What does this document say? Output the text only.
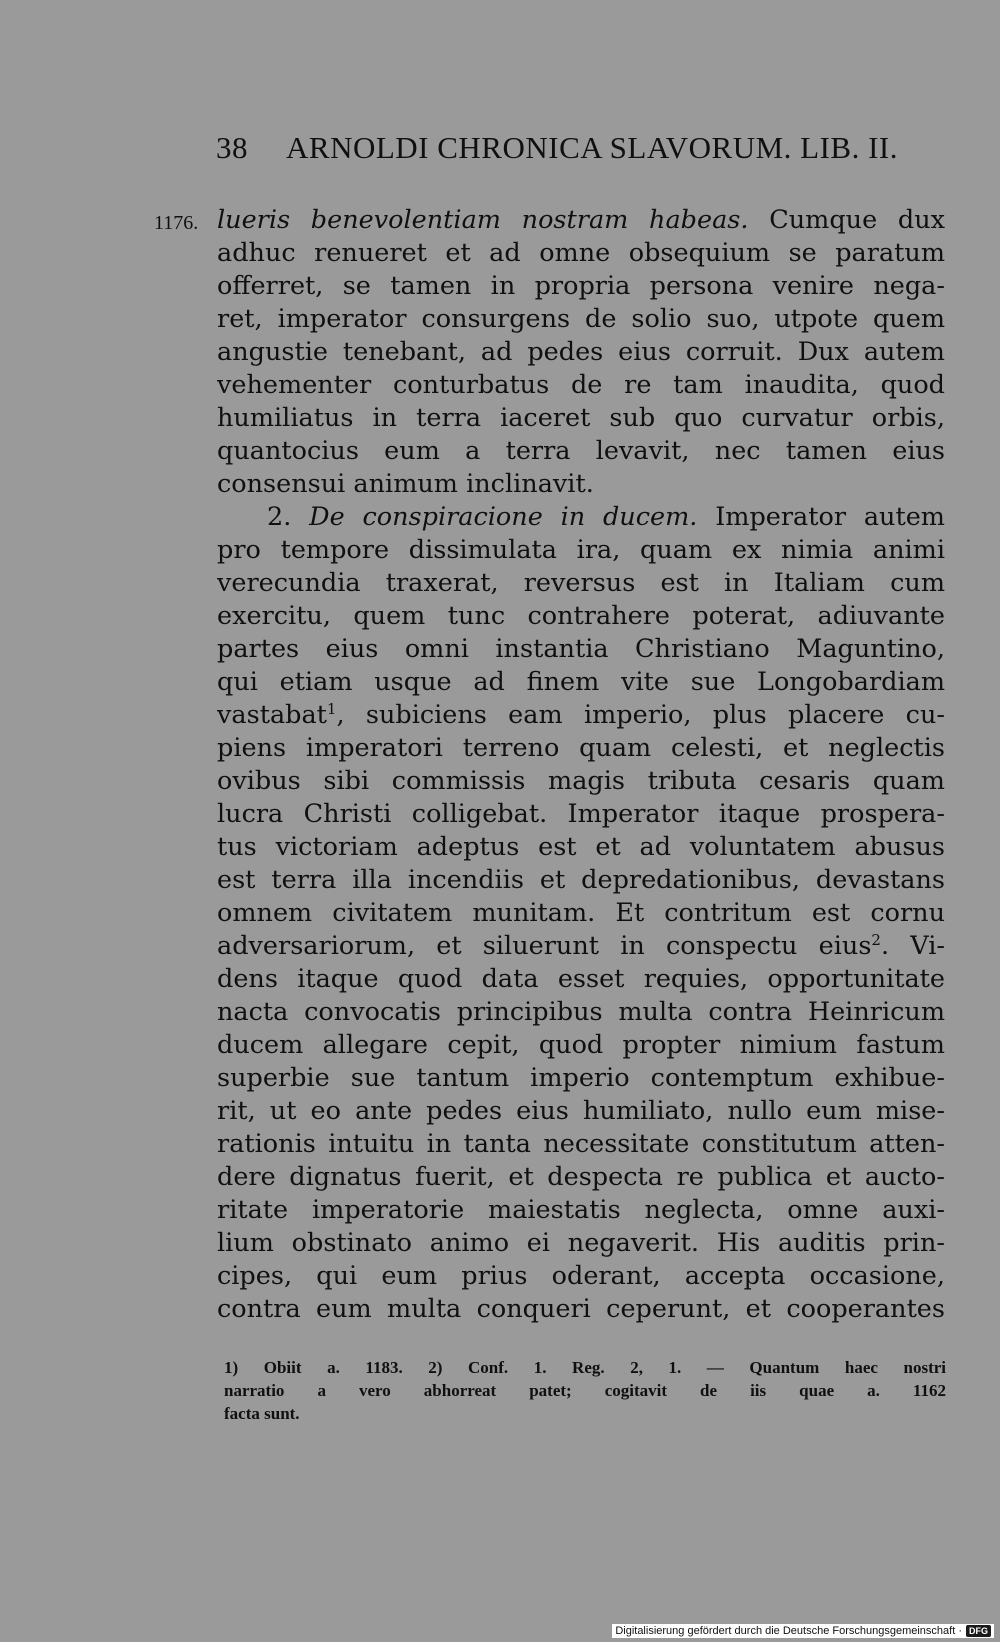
38 ARNOLDI CHRONICA SLAVORUM. LIB. II.
1176. lueris benevolentiam nostram habeas. Cumque dux
adhuc renueret et ad omne obsequium se paratum
offerret, se tamen in propria persona venire nega-
ret, imperator consurgens de solio suo, utpote quem
angustie tenebant, ad pedes eius corruit. Dux autem
vehementer conturbatus de re tam inaudita, quod
humiliatus in terra iaceret sub quo curvatur orbis,
quantocius eum a terra levavit, nec tamen eius
consensui animum inclinavit.
2. De conspiracione in ducem. Imperator autem
pro tempore dissimulata ira, quam ex nimia animi
verecundia traxerat, reversus est in Italiam cum
exercitu, quem tunc contrahere poterat, adiuvante
partes eius omni instantia Christiano Maguntino,
qui etiam usque ad finem vite sue Longobardiam
vastabat$^1$, subiciens eam imperio, plus placere cu-
piens imperatori terreno quam celesti, et neglectis
ovibus sibi commissis magis tributa cesaris quam
lucra Christi colligebat. Imperator itaque prospera-
tus victoriam adeptus est et ad voluntatem abusus
est terra illa incendiis et depredationibus, devastans
omnem civitatem munitam. Et contritum est cornu
adversariorum, et siluerunt in conspectu eius$^2$. Vi-
dens itaque quod data esset requies, opportunitate
nacta convocatis principibus multa contra Heinricum
ducem allegare cepit, quod propter nimium fastum
superbie sue tantum imperio contemptum exhibue-
rit, ut eo ante pedes eius humiliato, nullo eum mise-
rationis intuitu in tanta necessitate constitutum atten-
dere dignatus fuerit, et despecta re publica et aucto-
ritate imperatorie maiestatis neglecta, omne auxi-
lium obstinato animo ei negaverit. His auditis prin-
cipes, qui eum prius oderant, accepta occasione,
contra eum multa conqueri ceperunt, et cooperantes
1) Obiit a. 1183. 2) Conf. 1. Reg. 2, 1. — Quantum haec nostri
narratio a vero abhorreat patet; cogitavit de iis quae a. 1162
facta sunt.
Digitalisierung gefördert durch die Deutsche Forschungsgemeinschaft · DFG
